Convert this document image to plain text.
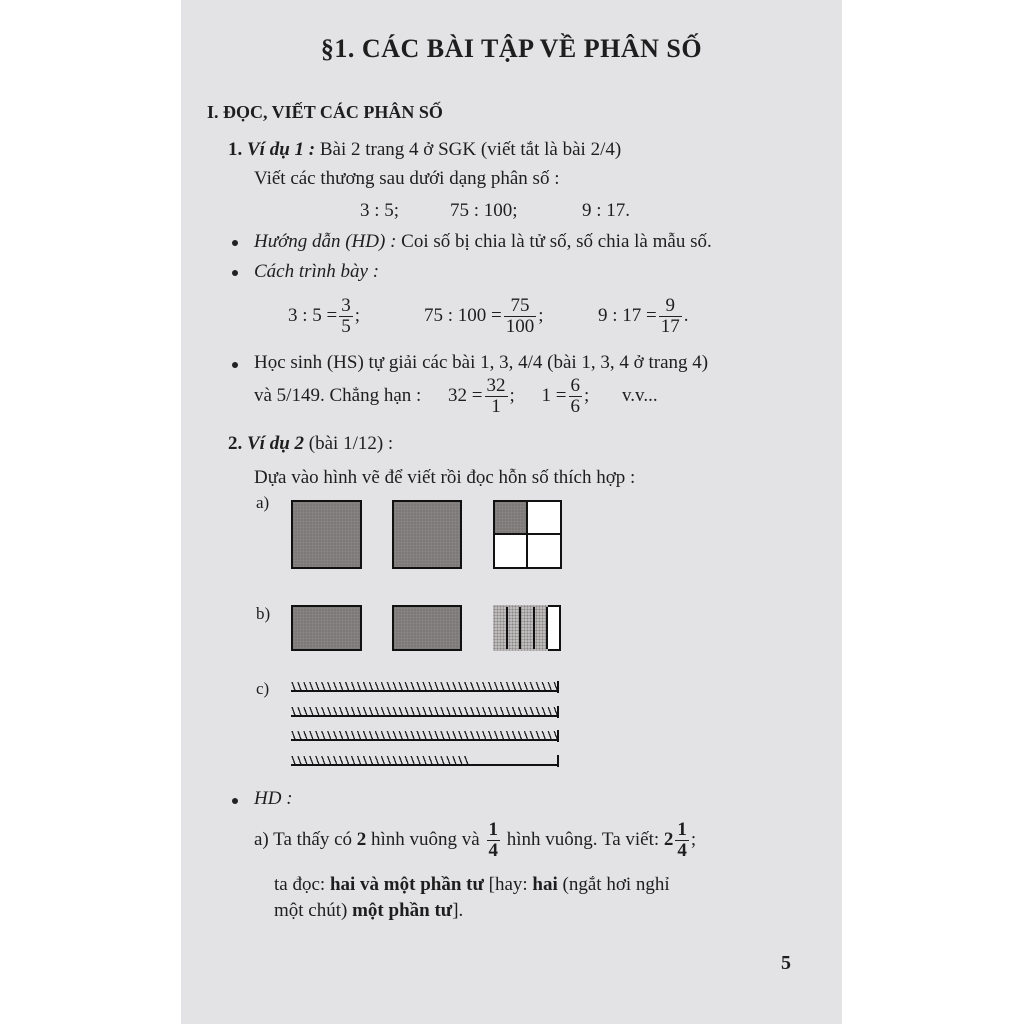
§1. CÁC BÀI TẬP VỀ PHÂN SỐ
I. ĐỌC, VIẾT CÁC PHÂN SỐ
1. Ví dụ 1 : Bài 2 trang 4 ở SGK (viết tắt là bài 2/4)
Viết các thương sau dưới dạng phân số :
3 : 5;	75 : 100;	9 : 17.
Hướng dẫn (HD) : Coi số bị chia là tử số, số chia là mẫu số.
Cách trình bày :
3 : $5 = \frac{3}{5}$ ;	75 : $100 = \frac{75}{100}$ ;	9 : $17 = \frac{9}{17}$ .
Học sinh (HS) tự giải các bài 1, 3, 4/4 (bài 1, 3, 4 ở trang 4)
và 5/149. Chẳng hạn : $32 = \frac{32}{1}$ ; $1 = \frac{6}{6}$ ; v.v...
2. Ví dụ 2 (bài 1/12) :
Dựa vào hình vẽ để viết rồi đọc hỗn số thích hợp :
a)
b)
c)
HD :
a) Ta thấy có 2 hình vuông và $\frac{1}{4}$ hình vuông. Ta viết: $2 \frac{1}{4}$ ;
ta đọc: hai và một phần tư [hay: hai (ngắt hơi nghỉ
một chút) một phần tư].
5
